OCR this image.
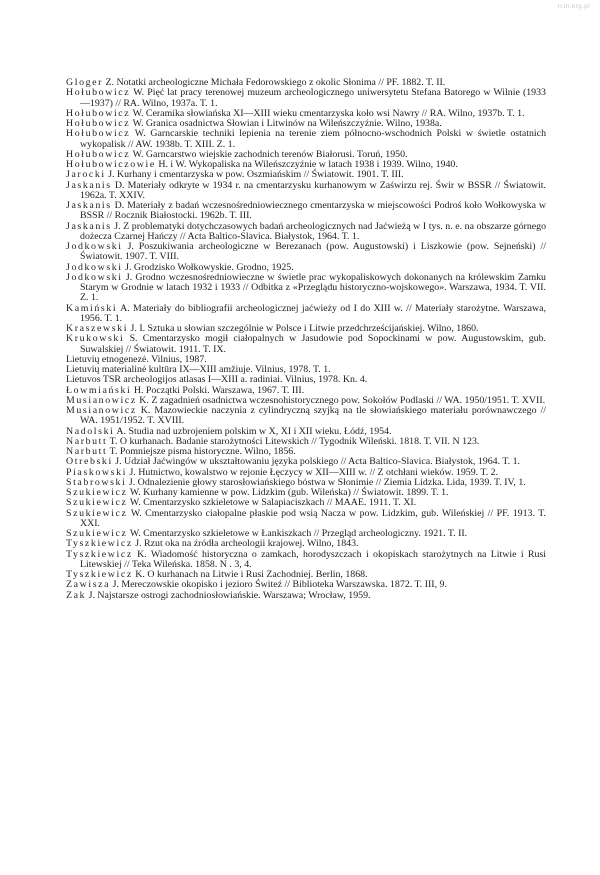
rcin.org.pl
Gloger Z. Notatki archeologiczne Michała Fedorowskiego z okolic Słonima // PF. 1882. T. II.
Hołubowicz W. Pięć lat pracy terenowej muzeum archeologicznego uniwersytetu Stefana Batorego w Wilnie (1933—1937) // RA. Wilno, 1937a. T. 1.
Hołubowicz W. Ceramika słowiańska XI—XIII wieku cmentarzyska koło wsi Nawry // RA. Wilno, 1937b. T. 1.
Hołubowicz W. Granica osadnictwa Słowian i Litwinów na Wileńszczyźnie. Wilno, 1938a.
Hołubowicz W. Garncarskie techniki lepienia na terenie ziem północno-wschodnich Polski w świetle ostatnich wykopalisk // AW. 1938b. T. XIII. Z. 1.
Hołubowicz W. Garncarstwo wiejskie zachodnich terenów Białorusi. Toruń, 1950.
Hołubowiczowie H. i W. Wykopaliska na Wileńszczyźnie w latach 1938 i 1939. Wilno, 1940.
Jarocki J. Kurhany i cmentarzyska w pow. Oszmiańskim // Światowit. 1901. T. III.
Jaskanis D. Materiały odkryte w 1934 r. na cmentarzysku kurhanowym w Zaświrzu rej. Świr w BSSR // Światowit. 1962a. T. XXIV.
Jaskanis D. Materiały z badań wczesnośredniowiecznego cmentarzyska w miejscowości Podroś koło Wołkowyska w BSSR // Rocznik Białostocki. 1962b. T. III.
Jaskanis J. Z problematyki dotychczasowych badań archeologicznych nad Jaćwieżą w I tys. n. e. na obszarze górnego dożecza Czarnej Hańczy // Acta Baltico-Slavica. Białystok, 1964. T. 1.
Jodkowski J. Poszukiwania archeologiczne w Berezanach (pow. Augustowski) i Liszkowie (pow. Sejneński) // Światowit. 1907. T. VIII.
Jodkowski J. Grodzisko Wołkowyskie. Grodno, 1925.
Jodkowski J. Grodno wczesnośredniowieczne w świetle prac wykopaliskowych dokonanych na królewskim Zamku Starym w Grodnie w latach 1932 i 1933 // Odbitka z «Przeglądu historyczno-wojskowego». Warszawa, 1934. T. VII. Z. 1.
Kamiński A. Materiały do bibliografii archeologicznej jaćwieży od I do XIII w. // Materiały starożytne. Warszawa, 1956. T. 1.
Kraszewski J. I. Sztuka u słowian szczególnie w Polsce i Litwie przedchrześcijańskiej. Wilno, 1860.
Krukowski S. Cmentarzysko mogił ciałopalnych w Jasudowie pod Sopockinami w pow. Augustowskim, gub. Suwalskiej // Światowit. 1911. T. IX.
Lietuvių etnogenezė. Vilnius, 1987.
Lietuvių materialinė kultūra IX—XIII amžiuje. Vilnius, 1978. T. 1.
Lietuvos TSR archeologijos atlasas I—XIII a. radiniai. Vilnius, 1978. Kn. 4.
Łowmiański H. Początki Polski. Warszawa, 1967. T. III.
Musianowicz K. Z zagadnień osadnictwa wczesnohistorycznego pow. Sokołów Podlaski // WA. 1950/1951. T. XVII.
Musianowicz K. Mazowieckie naczynia z cylindryczną szyjką na tle słowiańskiego materiału porównawczego // WA. 1951/1952. T. XVIII.
Nadolski A. Studia nad uzbrojeniem polskim w X, XI i XII wieku. Łódź, 1954.
Narbutt T. O kurhanach. Badanie starożytności Litewskich // Tygodnik Wileński. 1818. T. VII. N 123.
Narbutt T. Pomniejsze pisma historyczne. Wilno, 1856.
Otrebski J. Udział Jaćwingów w ukształtowaniu języka polskiego // Acta Baltico-Slavica. Białystok, 1964. T. 1.
Piaskowski J. Hutnictwo, kowalstwo w rejonie Łęczycy w XII—XIII w. // Z otchłani wieków. 1959. T. 2.
Stabrowski J. Odnalezienie głowy starosłowiańskiego bóstwa w Słonimie // Ziemia Lidzka. Lida, 1939. T. IV, 1.
Szukiewicz W. Kurhany kamienne w pow. Lidzkim (gub. Wileńska) // Światowit. 1899. T. 1.
Szukiewicz W. Cmentarzysko szkieletowe w Salapiaciszkach // MAAE. 1911. T. XI.
Szukiewicz W. Cmentarzysko ciałopalne płaskie pod wsią Nacza w pow. Lidzkim, gub. Wileńskiej // PF. 1913. T. XXI.
Szukiewicz W. Cmentarzysko szkieletowe w Łankiszkach // Przegląd archeologiczny. 1921. T. II.
Tyszkiewicz J. Rzut oka na źródła archeologii krajowej. Wilno, 1843.
Tyszkiewicz K. Wiadomość historyczna o zamkach, horodyszczach i okopiskach starożytnych na Litwie i Rusi Litewskiej // Teka Wileńska. 1858. N . 3, 4.
Tyszkiewicz K. O kurhanach na Litwie i Rusi Zachodniej. Berlin, 1868.
Zawisza J. Mereczowskie okopisko i jezioro Świteź // Biblioteka Warszawska. 1872. T. III, 9.
Zak J. Najstarsze ostrogi zachodniosłowiańskie. Warszawa; Wrocław, 1959.
